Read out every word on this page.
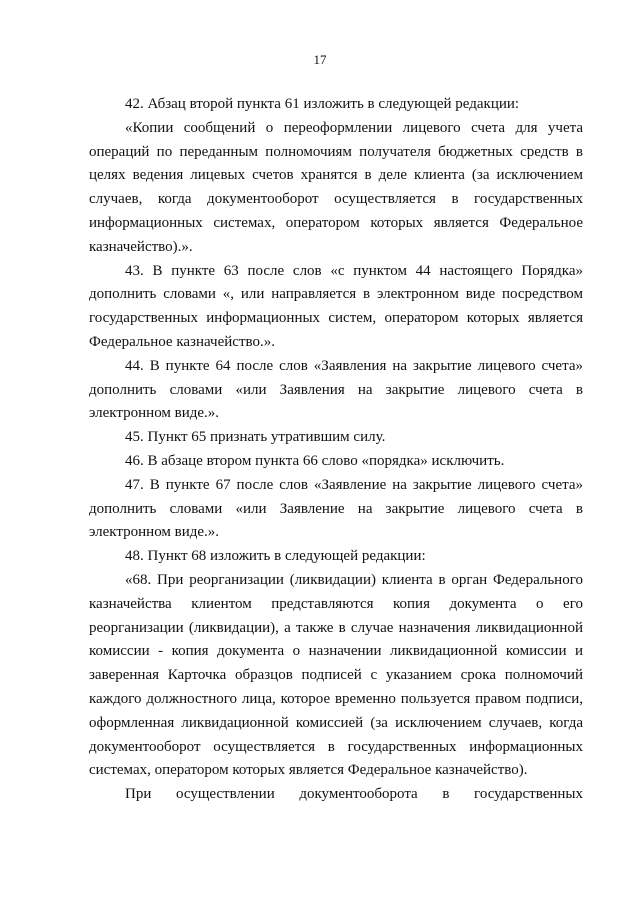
17

42. Абзац второй пункта 61 изложить в следующей редакции:

«Копии сообщений о переоформлении лицевого счета для учета операций по переданным полномочиям получателя бюджетных средств в целях ведения лицевых счетов хранятся в деле клиента (за исключением случаев, когда документооборот осуществляется в государственных информационных системах, оператором которых является Федеральное казначейство).».

43. В пункте 63 после слов «с пунктом 44 настоящего Порядка» дополнить словами «, или направляется в электронном виде посредством государственных информационных систем, оператором которых является Федеральное казначейство.».

44. В пункте 64 после слов «Заявления на закрытие лицевого счета» дополнить словами «или Заявления на закрытие лицевого счета в электронном виде.».

45. Пункт 65 признать утратившим силу.

46. В абзаце втором пункта 66 слово «порядка» исключить.

47. В пункте 67 после слов «Заявление на закрытие лицевого счета» дополнить словами «или Заявление на закрытие лицевого счета в электронном виде.».

48. Пункт 68 изложить в следующей редакции:

«68. При реорганизации (ликвидации) клиента в орган Федерального казначейства клиентом представляются копия документа о его реорганизации (ликвидации), а также в случае назначения ликвидационной комиссии - копия документа о назначении ликвидационной комиссии и заверенная Карточка образцов подписей с указанием срока полномочий каждого должностного лица, которое временно пользуется правом подписи, оформленная ликвидационной комиссией (за исключением случаев, когда документооборот осуществляется в государственных информационных системах, оператором которых является Федеральное казначейство).

При осуществлении документооборота в государственных
